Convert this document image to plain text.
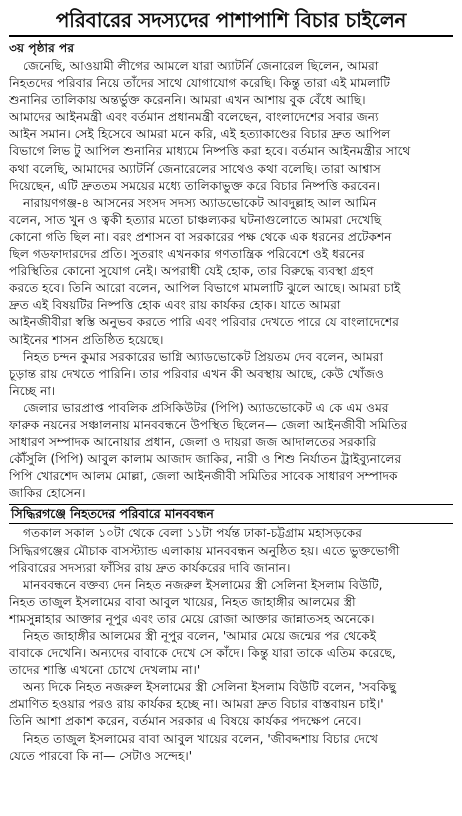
পরিবারের সদস্যদের পাশাপাশি বিচার চাইলেন
৩য় পৃষ্ঠার পর

জেনেছি, আওয়ামী লীগের আমলে যারা অ্যাটর্নি জেনারেল ছিলেন, আমরা
নিহতদের পরিবার নিয়ে তাঁদের সাথে যোগাযোগ করেছি। কিন্তু তারা এই মামলাটি
শুনানির তালিকায় অন্তর্ভুক্ত করেননি। আমরা এখন আশায় বুক বেঁধে আছি।
আমাদের আইনমন্ত্রী এবং বর্তমান প্রধানমন্ত্রী বলেছেন, বাংলাদেশের সবার জন্য
আইন সমান। সেই হিসেবে আমরা মনে করি, এই হত্যাকাণ্ডের বিচার দ্রুত আপিল
বিভাগে লিভ টু আপিল শুনানির মাধ্যমে নিষ্পত্তি করা হবে। বর্তমান আইনমন্ত্রীর সাথে
কথা বলেছি, আমাদের অ্যাটর্নি জেনারেলের সাথেও কথা বলেছি। তারা আশ্বাস
দিয়েছেন, এটি দ্রুততম সময়ের মধ্যে তালিকাভুক্ত করে বিচার নিষ্পত্তি করবেন।

নারায়ণগঞ্জ-৪ আসনের সংসদ সদস্য অ্যাডভোকেট আবদুল্লাহ আল আমিন
বলেন, সাত খুন ও ত্বকী হত্যার মতো চাঞ্চল্যকর ঘটনাগুলোতে আমরা দেখেছি
কোনো গতি ছিল না। বরং প্রশাসন বা সরকারের পক্ষ থেকে এক ধরনের প্রটেকশন
ছিল গডফাদারদের প্রতি। সুতরাং এখনকার গণতান্ত্রিক পরিবেশে ওই ধরনের
পরিস্থিতির কোনো সুযোগ নেই। অপরাধী যেই হোক, তার বিরুদ্ধে ব্যবস্থা গ্রহণ
করতে হবে। তিনি আরো বলেন, আপিল বিভাগে মামলাটি ঝুলে আছে। আমরা চাই
দ্রুত এই বিষয়টির নিষ্পত্তি হোক এবং রায় কার্যকর হোক। যাতে আমরা
আইনজীবীরা স্বস্তি অনুভব করতে পারি এবং পরিবার দেখতে পারে যে বাংলাদেশের
আইনের শাসন প্রতিষ্ঠিত হয়েছে।

নিহত চন্দন কুমার সরকারের ভাগ্নি অ্যাডভোকেট প্রিয়তম দেব বলেন, আমরা
চূড়ান্ত রায় দেখতে পারিনি। তার পরিবার এখন কী অবস্থায় আছে, কেউ খোঁজও
নিচ্ছে না।

জেলার ভারপ্রাপ্ত পাবলিক প্রসিকিউটর (পিপি) অ্যাডভোকেট এ কে এম ওমর
ফারুক নয়নের সঞ্চালনায় মানববন্ধনে উপস্থিত ছিলেন— জেলা আইনজীবী সমিতির
সাধারণ সম্পাদক আনোয়ার প্রধান, জেলা ও দায়রা জজ আদালতের সরকারি
কৌঁসুলি (পিপি) আবুল কালাম আজাদ জাকির, নারী ও শিশু নির্যাতন ট্রাইব্যুনালের
পিপি খোরশেদ আলম মোল্লা, জেলা আইনজীবী সমিতির সাবেক সাধারণ সম্পাদক
জাকির হোসেন।

সিদ্ধিরগঞ্জে নিহতদের পরিবারে মানববন্ধন

গতকাল সকাল ১০টা থেকে বেলা ১১টা পর্যন্ত ঢাকা-চট্টগ্রাম মহাসড়কের
সিদ্ধিরগঞ্জের মৌচাক বাসস্ট্যান্ড এলাকায় মানববন্ধন অনুষ্ঠিত হয়। এতে ভুক্তভোগী
পরিবারের সদস্যরা ফাঁসির রায় দ্রুত কার্যকরের দাবি জানান।

মানববন্ধনে বক্তব্য দেন নিহত নজরুল ইসলামের স্ত্রী সেলিনা ইসলাম বিউটি,
নিহত তাজুল ইসলামের বাবা আবুল খায়ের, নিহত জাহাঙ্গীর আলমের স্ত্রী
শামসুন্নাহার আক্তার নূপুর এবং তার মেয়ে রোজা আক্তার জান্নাতসহ অনেকে।

নিহত জাহাঙ্গীর আলমের স্ত্রী নূপুর বলেন, 'আমার মেয়ে জন্মের পর থেকেই
বাবাকে দেখেনি। অন্যদের বাবাকে দেখে সে কাঁদে। কিন্তু যারা তাকে এতিম করেছে,
তাদের শাস্তি এখনো চোখে দেখলাম না।'

অন্য দিকে নিহত নজরুল ইসলামের স্ত্রী সেলিনা ইসলাম বিউটি বলেন, 'সবকিছু
প্রমাণিত হওয়ার পরও রায় কার্যকর হচ্ছে না। আমরা দ্রুত বিচার বাস্তবায়ন চাই।'
তিনি আশা প্রকাশ করেন, বর্তমান সরকার এ বিষয়ে কার্যকর পদক্ষেপ নেবে।

নিহত তাজুল ইসলামের বাবা আবুল খায়ের বলেন, 'জীবদ্দশায় বিচার দেখে
যেতে পারবো কি না— সেটাও সন্দেহ।'
